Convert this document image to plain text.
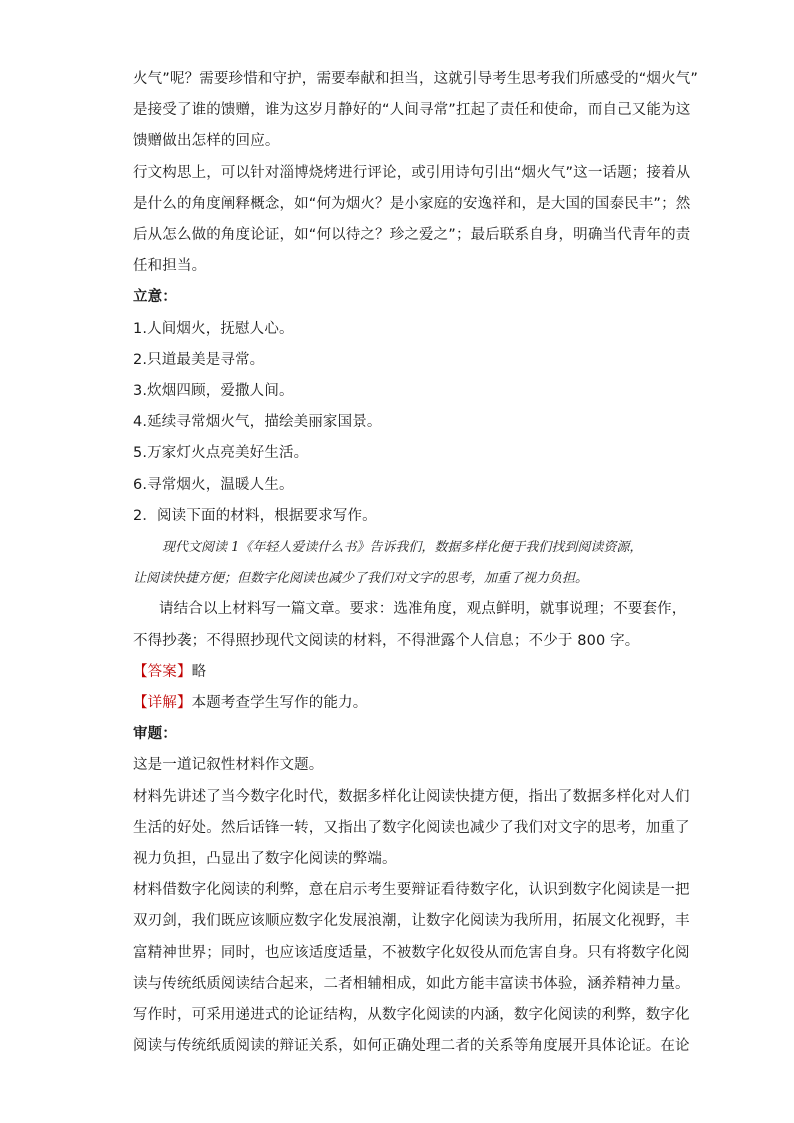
火气”呢？需要珍惜和守护，需要奉献和担当，这就引导考生思考我们所感受的“烟火气”
是接受了谁的馈赠，谁为这岁月静好的“人间寻常”扛起了责任和使命，而自己又能为这
馈赠做出怎样的回应。
行文构思上，可以针对淄博烧烤进行评论，或引用诗句引出“烟火气”这一话题；接着从
是什么的角度阐释概念，如“何为烟火？是小家庭的安逸祥和，是大国的国泰民丰”；然
后从怎么做的角度论证，如“何以待之？珍之爱之”；最后联系自身，明确当代青年的责
任和担当。
立意：
1.人间烟火，抚慰人心。
2.只道最美是寻常。
3.炊烟四顾，爱撒人间。
4.延续寻常烟火气，描绘美丽家国景。
5.万家灯火点亮美好生活。
6.寻常烟火，温暖人生。
2．阅读下面的材料，根据要求写作。
现代文阅读 1《年轻人爱读什么书》告诉我们，数据多样化便于我们找到阅读资源，
让阅读快捷方便；但数字化阅读也减少了我们对文字的思考，加重了视力负担。
请结合以上材料写一篇文章。要求：选准角度，观点鲜明，就事说理；不要套作，
不得抄袭；不得照抄现代文阅读的材料，不得泄露个人信息；不少于 800 字。
【答案】略
【详解】本题考查学生写作的能力。
审题：
这是一道记叙性材料作文题。
材料先讲述了当今数字化时代，数据多样化让阅读快捷方便，指出了数据多样化对人们
生活的好处。然后话锋一转，又指出了数字化阅读也减少了我们对文字的思考，加重了
视力负担，凸显出了数字化阅读的弊端。
材料借数字化阅读的利弊，意在启示考生要辩证看待数字化，认识到数字化阅读是一把
双刃剑，我们既应该顺应数字化发展浪潮，让数字化阅读为我所用，拓展文化视野，丰
富精神世界；同时，也应该适度适量，不被数字化奴役从而危害自身。只有将数字化阅
读与传统纸质阅读结合起来，二者相辅相成，如此方能丰富读书体验，涵养精神力量。
写作时，可采用递进式的论证结构，从数字化阅读的内涵，数字化阅读的利弊，数字化
阅读与传统纸质阅读的辩证关系，如何正确处理二者的关系等角度展开具体论证。在论
